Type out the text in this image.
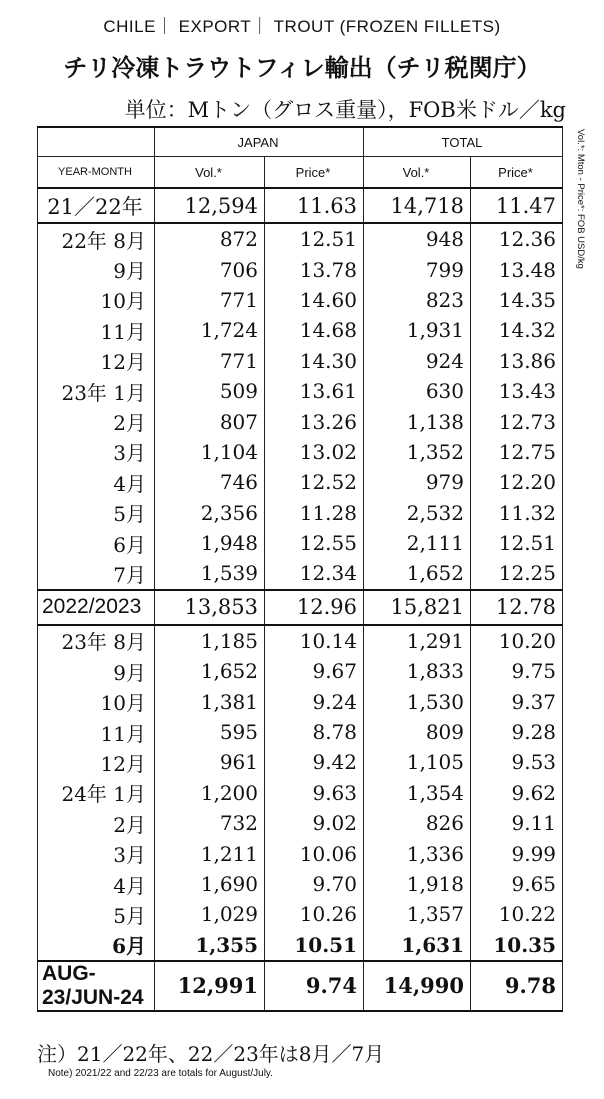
CHILE｜ EXPORT｜ TROUT (FROZEN FILLETS)
チリ冷凍トラウトフィレ輸出（チリ税関庁）
単位：Mトン（グロス重量），FOB米ドル／kg
Vol.*: Mton - Price*: FOB USD/kg
	JAPAN		TOTAL	
YEAR-MONTH	Vol.*	Price*	Vol.*	Price*
21／22年	12,594	11.63	14,718	11.47
22年 8月	872	12.51	948	12.36
9月	706	13.78	799	13.48
10月	771	14.60	823	14.35
11月	1,724	14.68	1,931	14.32
12月	771	14.30	924	13.86
23年 1月	509	13.61	630	13.43
2月	807	13.26	1,138	12.73
3月	1,104	13.02	1,352	12.75
4月	746	12.52	979	12.20
5月	2,356	11.28	2,532	11.32
6月	1,948	12.55	2,111	12.51
7月	1,539	12.34	1,652	12.25
2022/2023	13,853	12.96	15,821	12.78
23年 8月	1,185	10.14	1,291	10.20
9月	1,652	9.67	1,833	9.75
10月	1,381	9.24	1,530	9.37
11月	595	8.78	809	9.28
12月	961	9.42	1,105	9.53
24年 1月	1,200	9.63	1,354	9.62
2月	732	9.02	826	9.11
3月	1,211	10.06	1,336	9.99
4月	1,690	9.70	1,918	9.65
5月	1,029	10.26	1,357	10.22
6月	1,355	10.51	1,631	10.35
AUG-23/JUN-24	12,991	9.74	14,990	9.78
注）21／22年、22／23年は8月／7月
Note) 2021/22 and 22/23 are totals for August/July.
